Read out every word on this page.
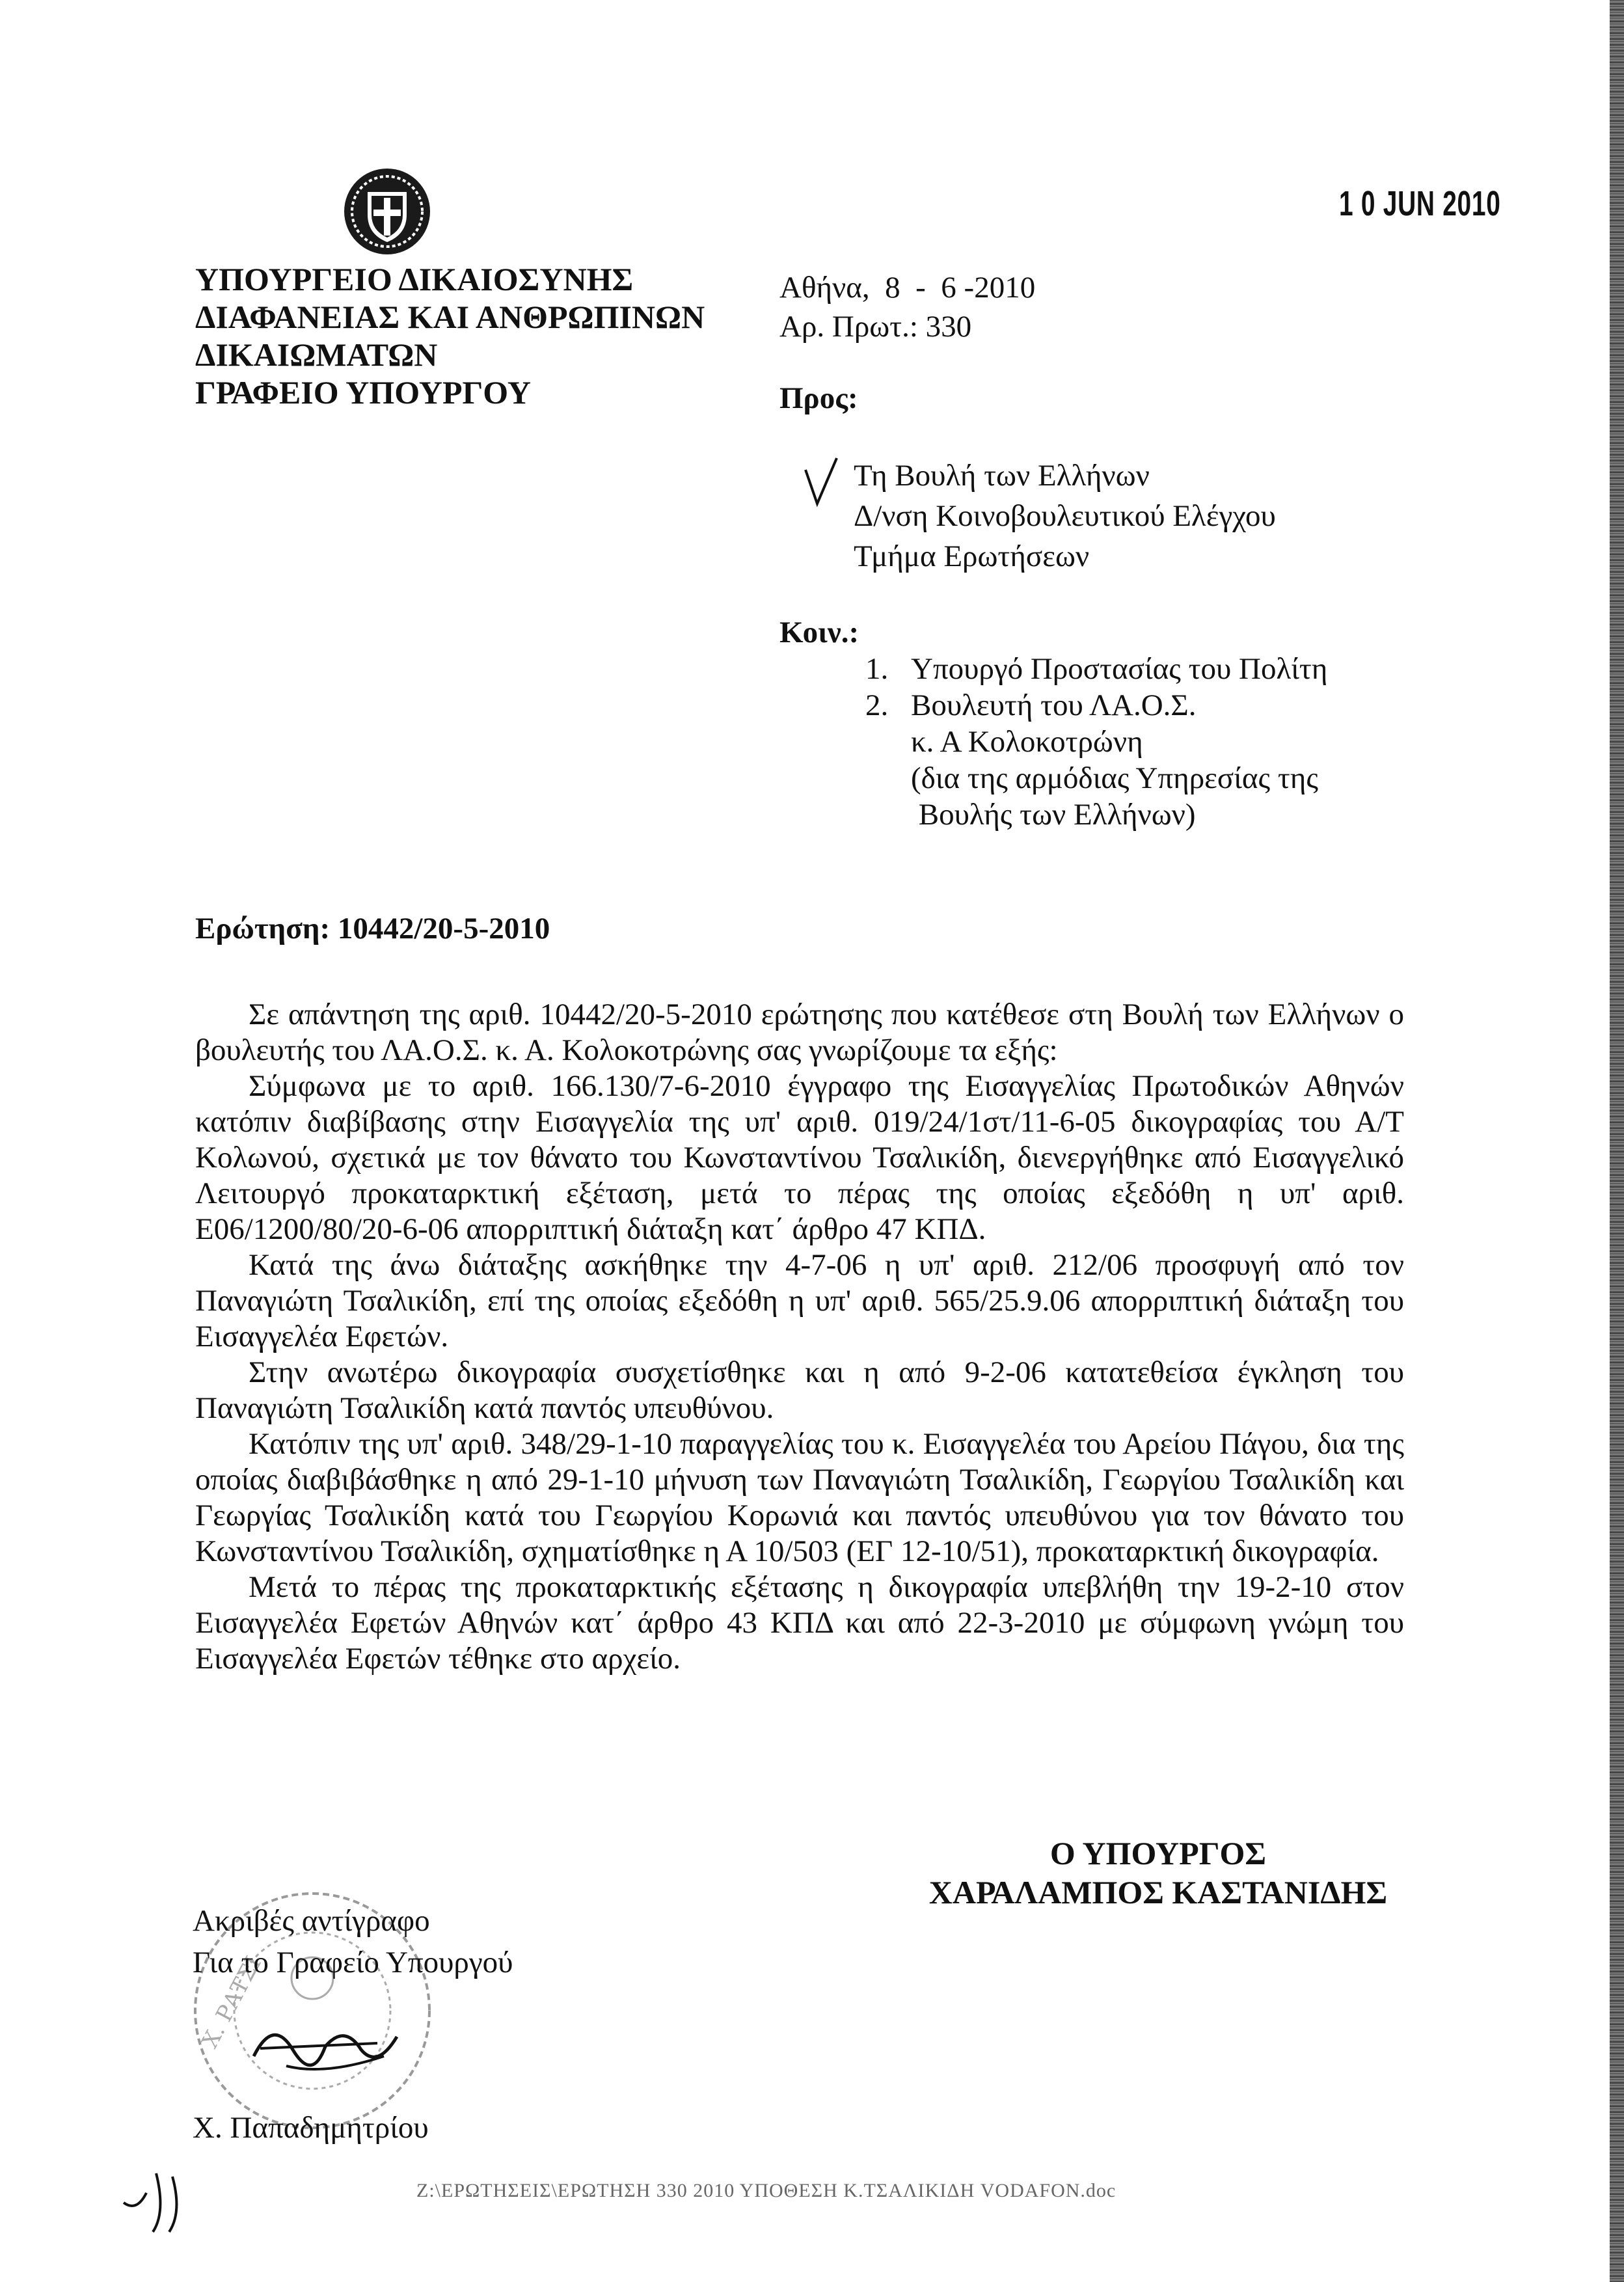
1 0 JUN 2010
ΥΠΟΥΡΓΕΙΟ ΔΙΚΑΙΟΣΥΝΗΣ
ΔΙΑΦΑΝΕΙΑΣ ΚΑΙ ΑΝΘΡΩΠΙΝΩΝ
ΔΙΚΑΙΩΜΑΤΩΝ
ΓΡΑΦΕΙΟ ΥΠΟΥΡΓΟΥ
Αθήνα,  8  -  6 -2010
Αρ. Πρωτ.: 330
Προς:
Τη Βουλή των Ελλήνων
Δ/νση Κοινοβουλευτικού Ελέγχου
Τμήμα Ερωτήσεων
Κοιν.:
1. Υπουργό Προστασίας του Πολίτη
2. Βουλευτή του ΛΑ.Ο.Σ.
κ. Α Κολοκοτρώνη
(δια της αρμόδιας Υπηρεσίας της
Βουλής των Ελλήνων)
Ερώτηση: 10442/20-5-2010

Σε απάντηση της αριθ. 10442/20-5-2010 ερώτησης που κατέθεσε στη Βουλή των Ελλήνων ο βουλευτής του ΛΑ.Ο.Σ. κ. Α. Κολοκοτρώνης σας γνωρίζουμε τα εξής:

Σύμφωνα με το αριθ. 166.130/7-6-2010 έγγραφο της Εισαγγελίας Πρωτοδικών Αθηνών κατόπιν διαβίβασης στην Εισαγγελία της υπ' αριθ. 019/24/1στ/11-6-05 δικογραφίας του Α/Τ Κολωνού, σχετικά με τον θάνατο του Κωνσταντίνου Τσαλικίδη, διενεργήθηκε από Εισαγγελικό Λειτουργό προκαταρκτική εξέταση, μετά το πέρας της οποίας εξεδόθη η υπ' αριθ. Ε06/1200/80/20-6-06 απορριπτική διάταξη κατ΄ άρθρο 47 ΚΠΔ.

Κατά της άνω διάταξης ασκήθηκε την 4-7-06 η υπ' αριθ. 212/06 προσφυγή από τον Παναγιώτη Τσαλικίδη, επί της οποίας εξεδόθη η υπ' αριθ. 565/25.9.06 απορριπτική διάταξη του Εισαγγελέα Εφετών.

Στην ανωτέρω δικογραφία συσχετίσθηκε και η από 9-2-06 κατατεθείσα έγκληση του Παναγιώτη Τσαλικίδη κατά παντός υπευθύνου.

Κατόπιν της υπ' αριθ. 348/29-1-10 παραγγελίας του κ. Εισαγγελέα του Αρείου Πάγου, δια της οποίας διαβιβάσθηκε η από 29-1-10 μήνυση των Παναγιώτη Τσαλικίδη, Γεωργίου Τσαλικίδη και Γεωργίας Τσαλικίδη κατά του Γεωργίου Κορωνιά και παντός υπευθύνου για τον θάνατο του Κωνσταντίνου Τσαλικίδη, σχηματίσθηκε η Α 10/503 (ΕΓ 12-10/51), προκαταρκτική δικογραφία.

Μετά το πέρας της προκαταρκτικής εξέτασης η δικογραφία υπεβλήθη την 19-2-10 στον Εισαγγελέα Εφετών Αθηνών κατ΄ άρθρο 43 ΚΠΔ και από 22-3-2010 με σύμφωνη γνώμη του Εισαγγελέα Εφετών τέθηκε στο αρχείο.

Ο ΥΠΟΥΡΓΟΣ
ΧΑΡΑΛΑΜΠΟΣ ΚΑΣΤΑΝΙΔΗΣ
Χ. ΡΑΤΣΙ
Ακριβές αντίγραφο
Για το Γραφείο Υπουργού
Χ. Παπαδημητρίου
Ζ:\ΕΡΩΤΗΣΕΙΣ\ΕΡΩΤΗΣΗ 330 2010 ΥΠΟΘΕΣΗ Κ.ΤΣΑΛΙΚΙΔΗ VODAFON.doc
